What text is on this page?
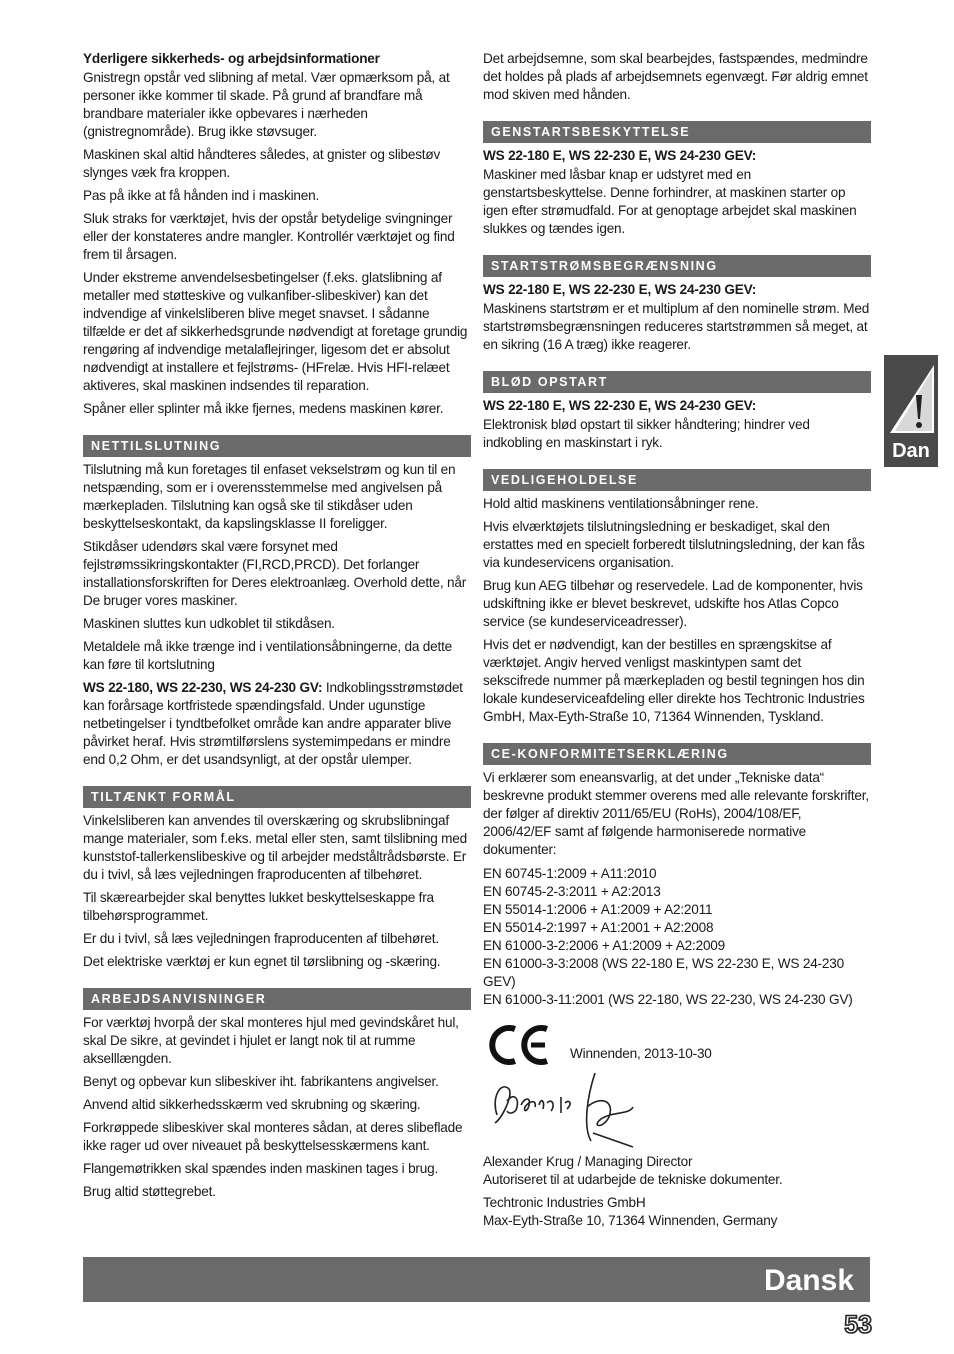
Yderligere sikkerheds- og arbejdsinformationer

Gnistregn opstår ved slibning af metal. Vær opmærksom på, at personer ikke kommer til skade. På grund af brandfare må brandbare materialer ikke opbevares i nærheden (gnistregnområde). Brug ikke støvsuger.

Maskinen skal altid håndteres således, at gnister og slibestøv slynges væk fra kroppen.

Pas på ikke at få hånden ind i maskinen.

Sluk straks for værktøjet, hvis der opstår betydelige svingninger eller der konstateres andre mangler. Kontrollér værktøjet og find frem til årsagen.

Under ekstreme anvendelsesbetingelser (f.eks. glatslibning af metaller med støtteskive og vulkanfiber-slibeskiver) kan det indvendige af vinkelsliberen blive meget snavset. I sådanne tilfælde er det af sikkerhedsgrunde nødvendigt at foretage grundig rengøring af indvendige metalaflejringer, ligesom det er absolut nødvendigt at installere et fejlstrøms- (HFrelæ. Hvis HFI-relæet aktiveres, skal maskinen indsendes til reparation.

Spåner eller splinter må ikke fjernes, medens maskinen kører.

NETTILSLUTNING

Tilslutning må kun foretages til enfaset vekselstrøm og kun til en netspænding, som er i overensstemmelse med angivelsen på mærkepladen. Tilslutning kan også ske til stikdåser uden beskyttelseskontakt, da kapslingsklasse II foreligger.

Stikdåser udendørs skal være forsynet med fejlstrømssikringskontakter (FI,RCD,PRCD). Det forlanger installationsforskriften for Deres elektroanlæg. Overhold dette, når De bruger vores maskiner.

Maskinen sluttes kun udkoblet til stikdåsen.

Metaldele må ikke trænge ind i ventilationsåbningerne, da dette kan føre til kortslutning

WS 22-180, WS 22-230, WS 24-230 GV: Indkoblingsstrømstødet kan forårsage kortfristede spændingsfald. Under ugunstige netbetingelser i tyndtbefolket område kan andre apparater blive påvirket heraf. Hvis strømtilførslens systemimpedans er mindre end 0,2 Ohm, er det usandsynligt, at der opstår ulemper.

TILTÆNKT FORMÅL

Vinkelsliberen kan anvendes til overskæring og skrubslibningaf mange materialer, som f.eks. metal eller sten, samt tilslibning med kunststof-tallerkenslibeskive og til arbejder medståltrådsbørste. Er du i tvivl, så læs vejledningen fraproducenten af tilbehøret.

Til skærearbejder skal benyttes lukket beskyttelseskappe fra tilbehørsprogrammet.

Er du i tvivl, så læs vejledningen fraproducenten af tilbehøret.

Det elektriske værktøj er kun egnet til tørslibning og -skæring.

ARBEJDSANVISNINGER

For værktøj hvorpå der skal monteres hjul med gevindskåret hul, skal De sikre, at gevindet i hjulet er langt nok til at rumme akselllængden.

Benyt og opbevar kun slibeskiver iht. fabrikantens angivelser.

Anvend altid sikkerhedsskærm ved skrubning og skæring.

Forkrøppede slibeskiver skal monteres sådan, at deres slibeflade ikke rager ud over niveauet på beskyttelsesskærmens kant.

Flangemøtrikken skal spændes inden maskinen tages i brug.

Brug altid støttegrebet.

Det arbejdsemne, som skal bearbejdes, fastspændes, medmindre det holdes på plads af arbejdsemnets egenvægt. Før aldrig emnet mod skiven med hånden.

GENSTARTSBESKYTTELSE

WS 22-180 E, WS 22-230 E, WS 24-230 GEV:

Maskiner med låsbar knap er udstyret med en genstartsbeskyttelse. Denne forhindrer, at maskinen starter op igen efter strømudfald. For at genoptage arbejdet skal maskinen slukkes og tændes igen.

STARTSTRØMSBEGRÆNSNING

WS 22-180 E, WS 22-230 E, WS 24-230 GEV:

Maskinens startstrøm er et multiplum af den nominelle strøm. Med startstrømsbegrænsningen reduceres startstrømmen så meget, at en sikring (16 A træg) ikke reagerer.

BLØD OPSTART

WS 22-180 E, WS 22-230 E, WS 24-230 GEV:

Elektronisk blød opstart til sikker håndtering; hindrer ved indkobling en maskinstart i ryk.

VEDLIGEHOLDELSE

Hold altid maskinens ventilationsåbninger rene.

Hvis elværktøjets tilslutningsledning er beskadiget, skal den erstattes med en specielt forberedt tilslutningsledning, der kan fås via kundeservicens organisation.

Brug kun AEG tilbehør og reservedele. Lad de komponenter, hvis udskiftning ikke er blevet beskrevet, udskifte hos Atlas Copco service (se kundeserviceadresser).

Hvis det er nødvendigt, kan der bestilles en sprængskitse af værktøjet. Angiv herved venligst maskintypen samt det sekscifrede nummer på mærkepladen og bestil tegningen hos din lokale kundeserviceafdeling eller direkte hos Techtronic Industries GmbH, Max-Eyth-Straße 10, 71364 Winnenden, Tyskland.

CE-KONFORMITETSERKLÆRING

Vi erklærer som eneansvarlig, at det under „Tekniske data“ beskrevne produkt stemmer overens med alle relevante forskrifter, der følger af direktiv 2011/65/EU (RoHs), 2004/108/EF, 2006/42/EF samt af følgende harmoniserede normative dokumenter:

EN 60745-1:2009 + A11:2010
EN 60745-2-3:2011 + A2:2013
EN 55014-1:2006 + A1:2009 + A2:2011
EN 55014-2:1997 + A1:2001 + A2:2008
EN 61000-3-2:2006 + A1:2009 + A2:2009
EN 61000-3-3:2008 (WS 22-180 E, WS 22-230 E, WS 24-230 GEV)
EN 61000-3-11:2001 (WS 22-180, WS 22-230, WS 24-230 GV)
Winnenden, 2013-10-30

Alexander Krug / Managing Director

Autoriseret til at udarbejde de tekniske dokumenter.

Techtronic Industries GmbH

Max-Eyth-Straße 10, 71364 Winnenden, Germany

Dan
Dansk
53
